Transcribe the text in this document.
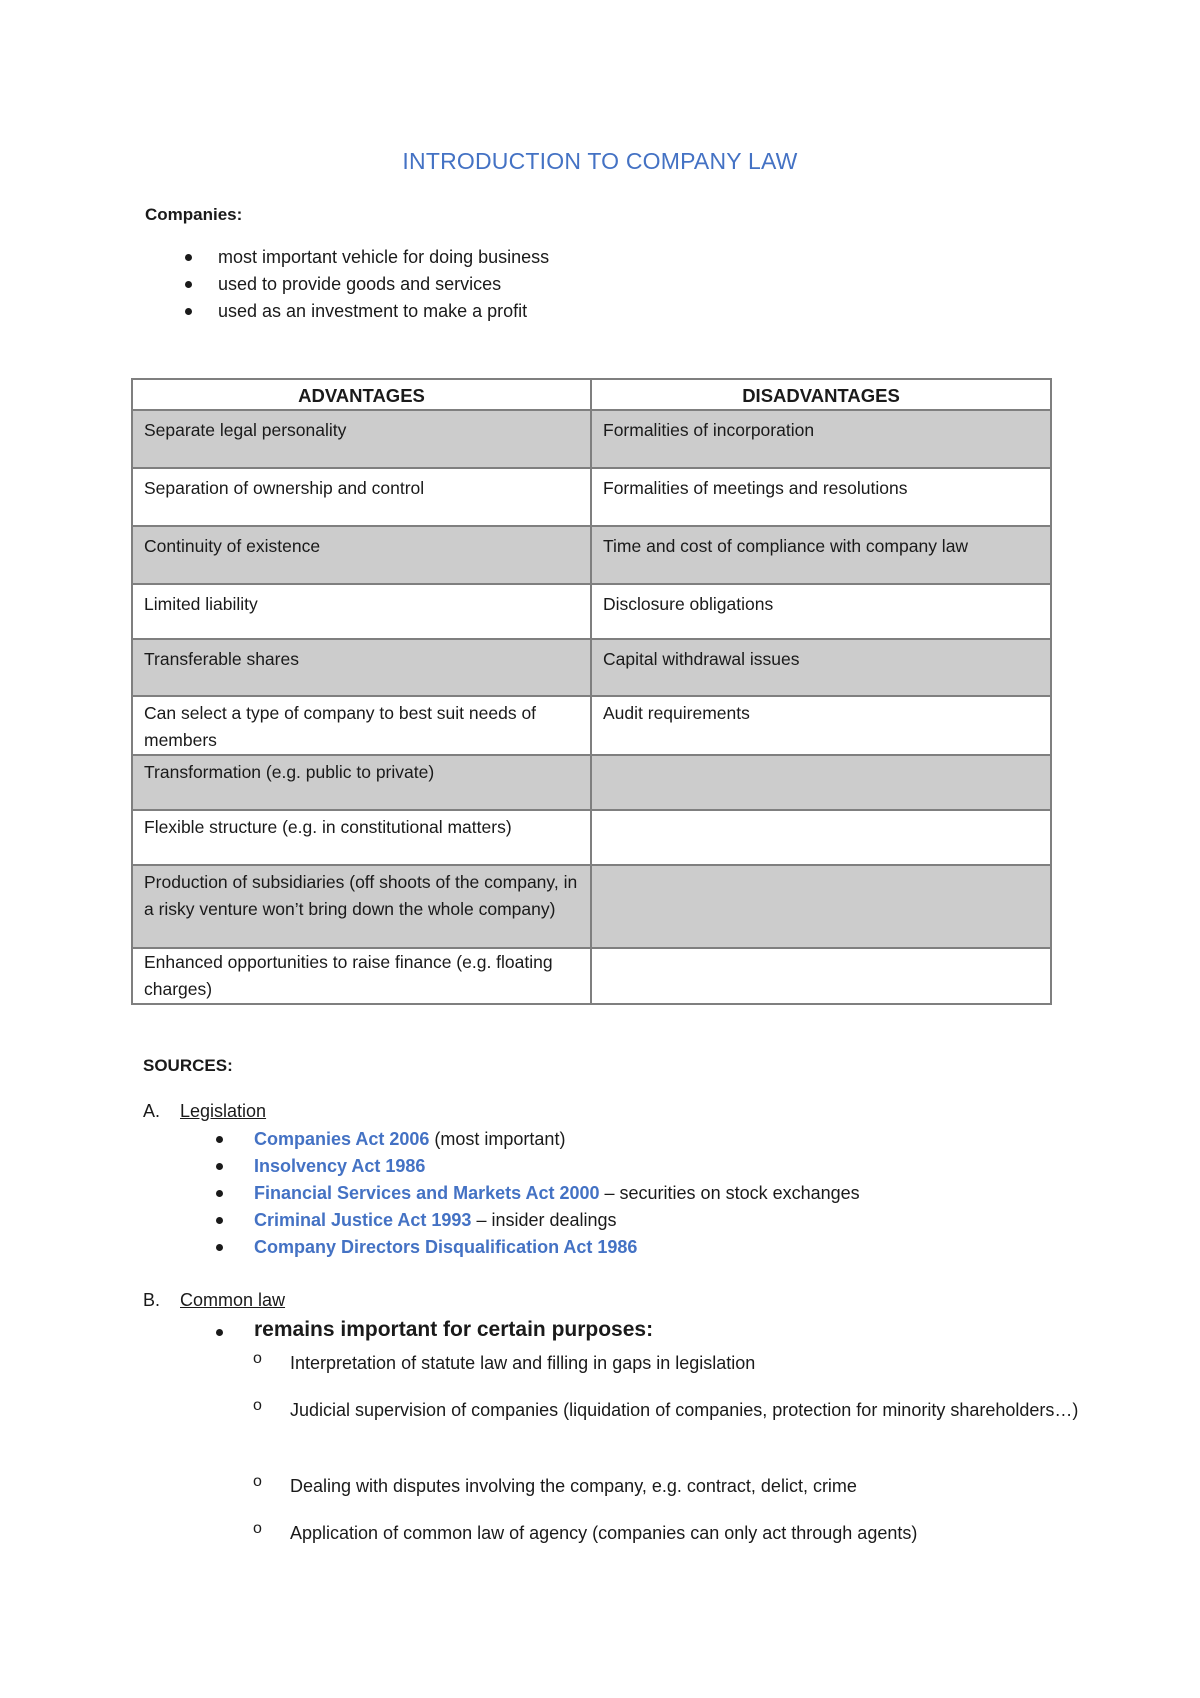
INTRODUCTION TO COMPANY LAW
Companies:
most important vehicle for doing business
used to provide goods and services
used as an investment to make a profit
ADVANTAGES	DISADVANTAGES
Separate legal personality	Formalities of incorporation
Separation of ownership and control	Formalities of meetings and resolutions
Continuity of existence	Time and cost of compliance with company law
Limited liability	Disclosure obligations
Transferable shares	Capital withdrawal issues
Can select a type of company to best suit needs of members	Audit requirements
Transformation (e.g. public to private)	
Flexible structure (e.g. in constitutional matters)	
Production of subsidiaries (off shoots of the company, in a risky venture won’t bring down the whole company)	
Enhanced opportunities to raise finance (e.g. floating charges)	
SOURCES:
A. Legislation
Companies Act 2006 (most important)
Insolvency Act 1986
Financial Services and Markets Act 2000 – securities on stock exchanges
Criminal Justice Act 1993 – insider dealings
Company Directors Disqualification Act 1986
B. Common law
remains important for certain purposes:
o Interpretation of statute law and filling in gaps in legislation
o Judicial supervision of companies (liquidation of companies, protection for minority shareholders…)
o Dealing with disputes involving the company, e.g. contract, delict, crime
o Application of common law of agency (companies can only act through agents)
